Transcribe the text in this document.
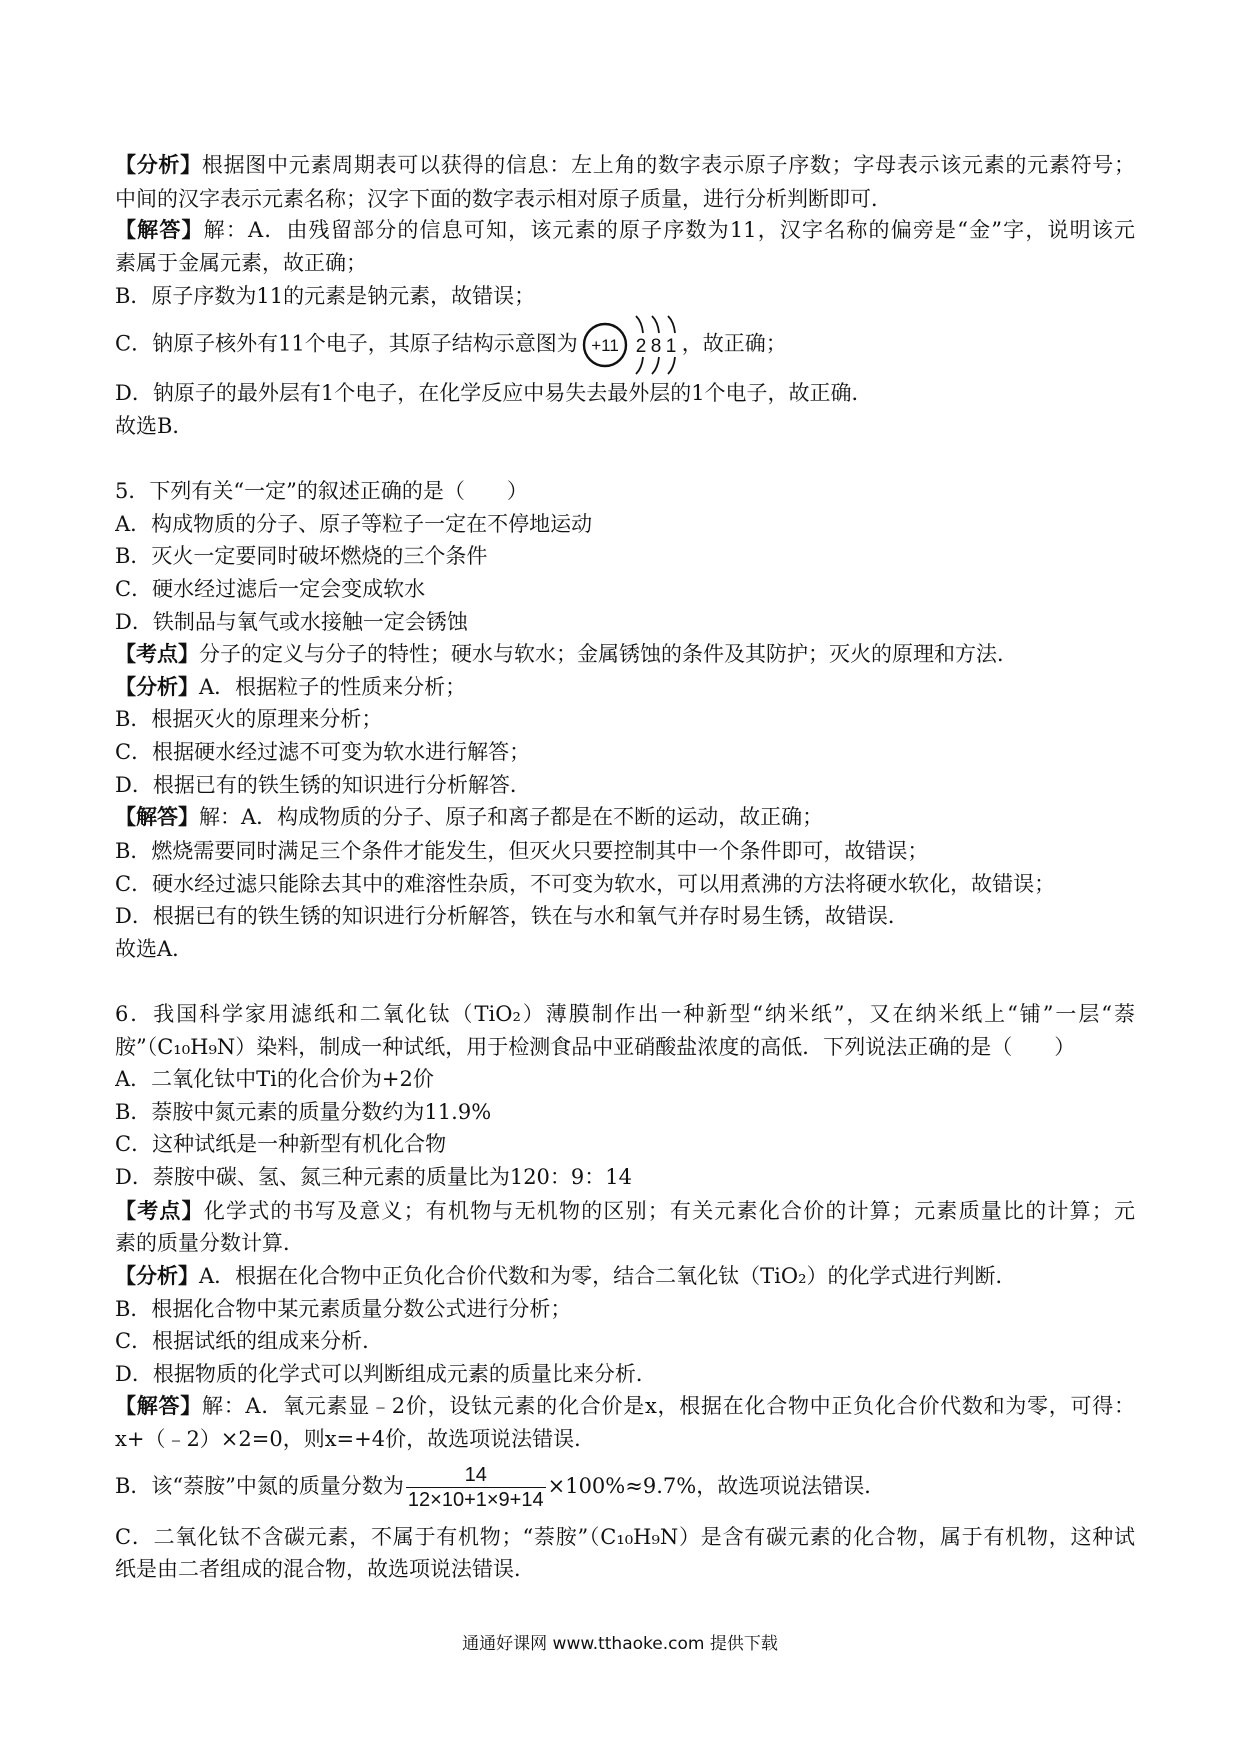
【分析】根据图中元素周期表可以获得的信息：左上角的数字表示原子序数；字母表示该元素的元素符号；
中间的汉字表示元素名称；汉字下面的数字表示相对原子质量，进行分析判断即可．
【解答】解：A．由残留部分的信息可知，该元素的原子序数为11，汉字名称的偏旁是“金”字，说明该元
素属于金属元素，故正确；
B．原子序数为11的元素是钠元素，故错误；
C．钠原子核外有11个电子，其原子结构示意图为 +11 2 8 1 ，故正确；
D．钠原子的最外层有1个电子，在化学反应中易失去最外层的1个电子，故正确．
故选B．
5．下列有关“一定”的叙述正确的是（　　）
A．构成物质的分子、原子等粒子一定在不停地运动
B．灭火一定要同时破坏燃烧的三个条件
C．硬水经过滤后一定会变成软水
D．铁制品与氧气或水接触一定会锈蚀
【考点】分子的定义与分子的特性；硬水与软水；金属锈蚀的条件及其防护；灭火的原理和方法．
【分析】A．根据粒子的性质来分析；
B．根据灭火的原理来分析；
C．根据硬水经过滤不可变为软水进行解答；
D．根据已有的铁生锈的知识进行分析解答．
【解答】解：A．构成物质的分子、原子和离子都是在不断的运动，故正确；
B．燃烧需要同时满足三个条件才能发生，但灭火只要控制其中一个条件即可，故错误；
C．硬水经过滤只能除去其中的难溶性杂质，不可变为软水，可以用煮沸的方法将硬水软化，故错误；
D．根据已有的铁生锈的知识进行分析解答，铁在与水和氧气并存时易生锈，故错误．
故选A．
6．我国科学家用滤纸和二氧化钛（TiO₂）薄膜制作出一种新型“纳米纸”，又在纳米纸上“铺”一层“萘
胺”（C₁₀H₉N）染料，制成一种试纸，用于检测食品中亚硝酸盐浓度的高低．下列说法正确的是（　　）
A．二氧化钛中Ti的化合价为+2价
B．萘胺中氮元素的质量分数约为11.9%
C．这种试纸是一种新型有机化合物
D．萘胺中碳、氢、氮三种元素的质量比为120：9：14
【考点】化学式的书写及意义；有机物与无机物的区别；有关元素化合价的计算；元素质量比的计算；元
素的质量分数计算．
【分析】A．根据在化合物中正负化合价代数和为零，结合二氧化钛（TiO₂）的化学式进行判断．
B．根据化合物中某元素质量分数公式进行分析；
C．根据试纸的组成来分析．
D．根据物质的化学式可以判断组成元素的质量比来分析．
【解答】解：A．氧元素显﹣2价，设钛元素的化合价是x，根据在化合物中正负化合价代数和为零，可得：
x+（﹣2）×2=0，则x=+4价，故选项说法错误．
B．该“萘胺”中氮的质量分数为 $\frac{14}{12\times 10+1\times 9+14} \times 100\%\approx 9.7\%$，故选项说法错误．
C．二氧化钛不含碳元素，不属于有机物；“萘胺”（C₁₀H₉N）是含有碳元素的化合物，属于有机物，这种试
纸是由二者组成的混合物，故选项说法错误．
通通好课网 www.tthaoke.com 提供下载
